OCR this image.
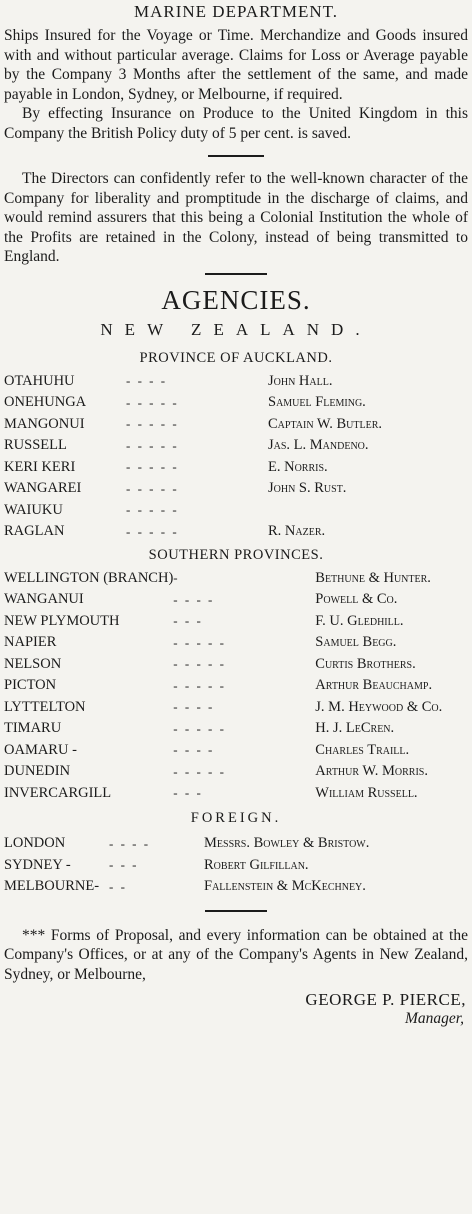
MARINE DEPARTMENT.

Ships Insured for the Voyage or Time. Merchandize and Goods insured with and without particular average. Claims for Loss or Average payable by the Company 3 Months after the settlement of the same, and made payable in London, Sydney, or Melbourne, if required.

By effecting Insurance on Produce to the United Kingdom in this Company the British Policy duty of 5 per cent. is saved.

The Directors can confidently refer to the well-known character of the Company for liberality and promptitude in the discharge of claims, and would remind assurers that this being a Colonial Institution the whole of the Profits are retained in the Colony, instead of being transmitted to England.

AGENCIES.
NEW ZEALAND.
PROVINCE OF AUCKLAND.
OTAHUHU	- - - -	John Hall.
ONEHUNGA	- - - - -	Samuel Fleming.
MANGONUI	- - - - -	Captain W. Butler.
RUSSELL	- - - - -	Jas. L. Mandeno.
KERI KERI	- - - - -	E. Norris.
WANGAREI	- - - - -	John S. Rust.
WAIUKU	- - - - -	
RAGLAN	- - - - -	R. Nazer.
SOUTHERN PROVINCES.
WELLINGTON (BRANCH)	-	Bethune & Hunter.
WANGANUI	- - - -	Powell & Co.
NEW PLYMOUTH	- - -	F. U. Gledhill.
NAPIER	- - - - -	Samuel Begg.
NELSON	- - - - -	Curtis Brothers.
PICTON	- - - - -	Arthur Beauchamp.
LYTTELTON	- - - -	J. M. Heywood & Co.
TIMARU	- - - - -	H. J. LeCren.
OAMARU -	- - - -	Charles Traill.
DUNEDIN	- - - - -	Arthur W. Morris.
INVERCARGILL	- - -	William Russell.
FOREIGN.
LONDON	- - - -	Messrs. Bowley & Bristow.
SYDNEY -	- - -	Robert Gilfillan.
MELBOURNE-	- -	Fallenstein & McKechney.

*** Forms of Proposal, and every information can be obtained at the Company's Offices, or at any of the Company's Agents in New Zealand, Sydney, or Melbourne,

GEORGE P. PIERCE,
Manager,
